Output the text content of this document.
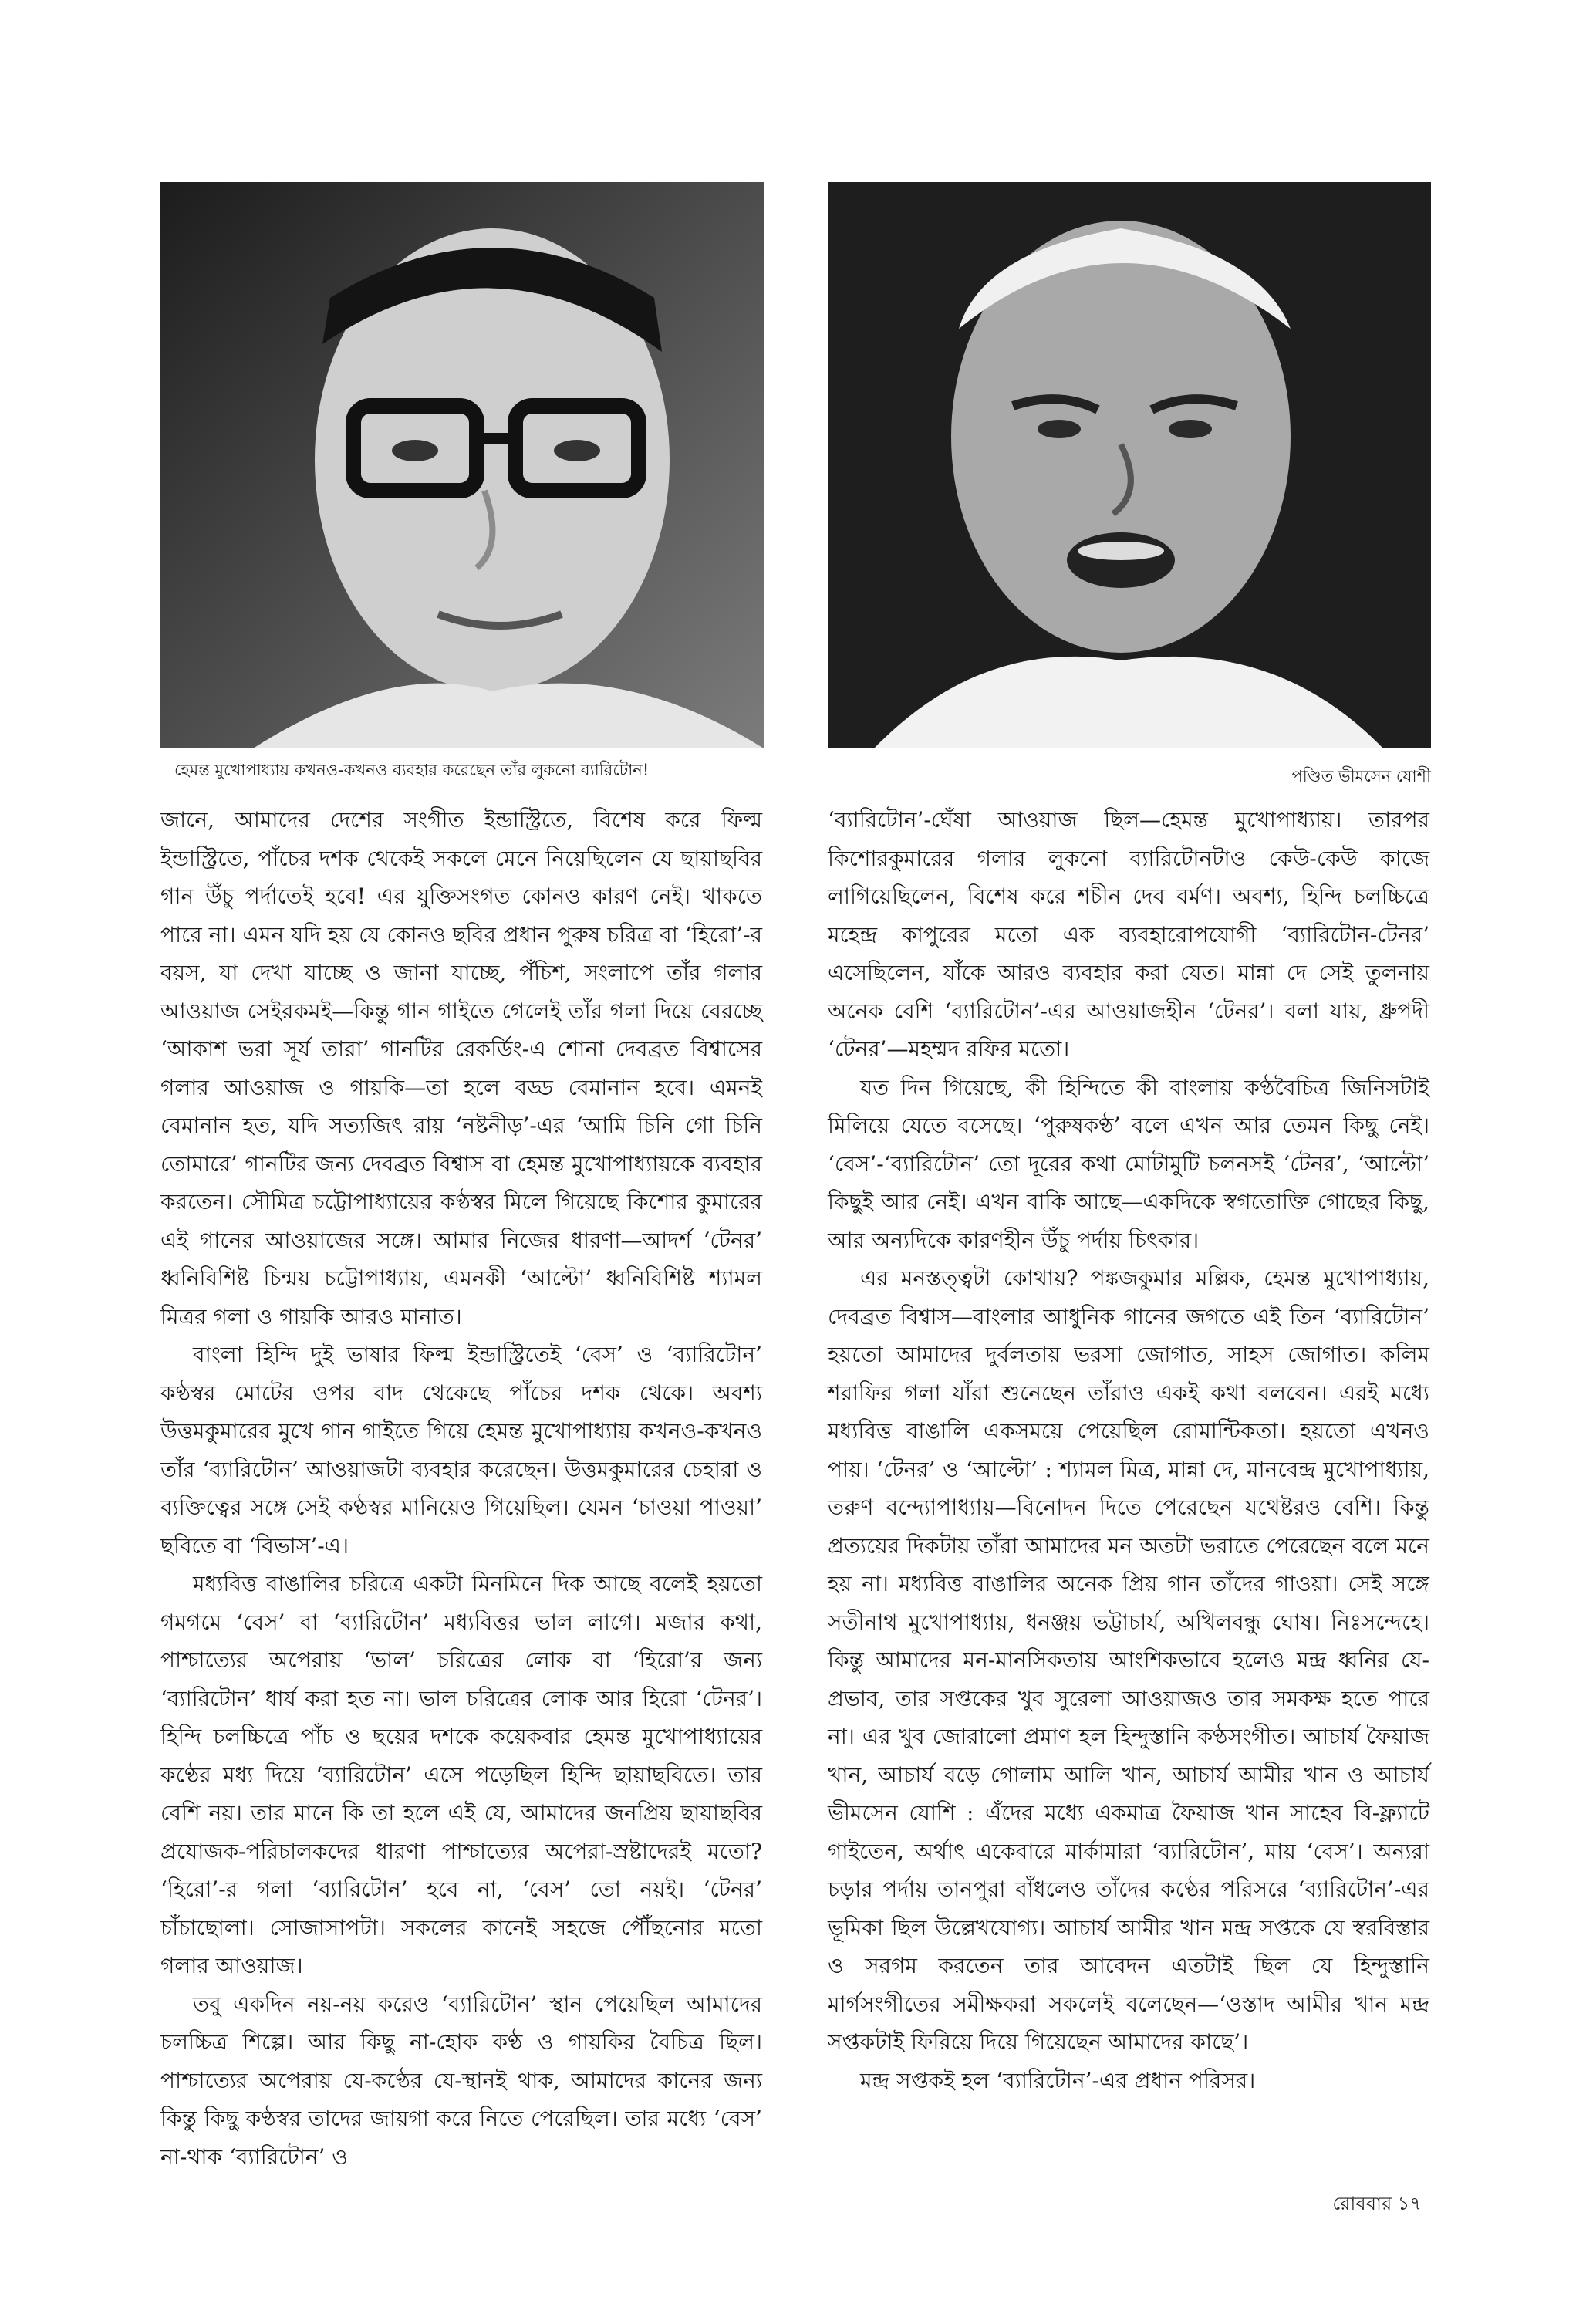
হেমন্ত মুখোপাধ্যায় কখনও-কখনও ব্যবহার করেছেন তাঁর লুকনো ব্যারিটোন!	পণ্ডিত ভীমসেন যোশী

জানে, আমাদের দেশের সংগীত ইন্ডাস্ট্রিতে, বিশেষ করে ফিল্ম ইন্ডাস্ট্রিতে, পাঁচের দশক থেকেই সকলে মেনে নিয়েছিলেন যে ছায়াছবির গান উঁচু পর্দাতেই হবে! এর যুক্তিসংগত কোনও কারণ নেই। থাকতে পারে না। এমন যদি হয় যে কোনও ছবির প্রধান পুরুষ চরিত্র বা ‘হিরো’-র বয়স, যা দেখা যাচ্ছে ও জানা যাচ্ছে, পঁচিশ, সংলাপে তাঁর গলার আওয়াজ সেইরকমই—কিন্তু গান গাইতে গেলেই তাঁর গলা দিয়ে বেরচ্ছে ‘আকাশ ভরা সূর্য তারা’ গানটির রেকর্ডিং-এ শোনা দেবব্রত বিশ্বাসের গলার আওয়াজ ও গায়কি—তা হলে বড্ড বেমানান হবে। এমনই বেমানান হত, যদি সত্যজিৎ রায় ‘নষ্টনীড়’-এর ‘আমি চিনি গো চিনি তোমারে’ গানটির জন্য দেবব্রত বিশ্বাস বা হেমন্ত মুখোপাধ্যায়কে ব্যবহার করতেন। সৌমিত্র চট্টোপাধ্যায়ের কণ্ঠস্বর মিলে গিয়েছে কিশোর কুমারের এই গানের আওয়াজের সঙ্গে। আমার নিজের ধারণা—আদর্শ ‘টেনর’ ধ্বনিবিশিষ্ট চিন্ময় চট্টোপাধ্যায়, এমনকী ‘আল্টো’ ধ্বনিবিশিষ্ট শ্যামল মিত্রর গলা ও গায়কি আরও মানাত।

বাংলা হিন্দি দুই ভাষার ফিল্ম ইন্ডাস্ট্রিতেই ‘বেস’ ও ‘ব্যারিটোন’ কণ্ঠস্বর মোটের ওপর বাদ থেকেছে পাঁচের দশক থেকে। অবশ্য উত্তমকুমারের মুখে গান গাইতে গিয়ে হেমন্ত মুখোপাধ্যায় কখনও-কখনও তাঁর ‘ব্যারিটোন’ আওয়াজটা ব্যবহার করেছেন। উত্তমকুমারের চেহারা ও ব্যক্তিত্বের সঙ্গে সেই কণ্ঠস্বর মানিয়েও গিয়েছিল। যেমন ‘চাওয়া পাওয়া’ ছবিতে বা ‘বিভাস’-এ।

মধ্যবিত্ত বাঙালির চরিত্রে একটা মিনমিনে দিক আছে বলেই হয়তো গমগমে ‘বেস’ বা ‘ব্যারিটোন’ মধ্যবিত্তর ভাল লাগে। মজার কথা, পাশ্চাত্যের অপেরায় ‘ভাল’ চরিত্রের লোক বা ‘হিরো’র জন্য ‘ব্যারিটোন’ ধার্য করা হত না। ভাল চরিত্রের লোক আর হিরো ‘টেনর’। হিন্দি চলচ্চিত্রে পাঁচ ও ছয়ের দশকে কয়েকবার হেমন্ত মুখোপাধ্যায়ের কণ্ঠের মধ্য দিয়ে ‘ব্যারিটোন’ এসে পড়েছিল হিন্দি ছায়াছবিতে। তার বেশি নয়। তার মানে কি তা হলে এই যে, আমাদের জনপ্রিয় ছায়াছবির প্রযোজক-পরিচালকদের ধারণা পাশ্চাত্যের অপেরা-স্রষ্টাদেরই মতো? ‘হিরো’-র গলা ‘ব্যারিটোন’ হবে না, ‘বেস’ তো নয়ই। ‘টেনর’ চাঁচাছোলা। সোজাসাপটা। সকলের কানেই সহজে পৌঁছনোর মতো গলার আওয়াজ।

তবু একদিন নয়-নয় করেও ‘ব্যারিটোন’ স্থান পেয়েছিল আমাদের চলচ্চিত্র শিল্পে। আর কিছু না-হোক কণ্ঠ ও গায়কির বৈচিত্র ছিল। পাশ্চাত্যের অপেরায় যে-কণ্ঠের যে-স্থানই থাক, আমাদের কানের জন্য কিন্তু কিছু কণ্ঠস্বর তাদের জায়গা করে নিতে পেরেছিল। তার মধ্যে ‘বেস’ না-থাক ‘ব্যারিটোন’ ও

‘ব্যারিটোন’-ঘেঁষা আওয়াজ ছিল—হেমন্ত মুখোপাধ্যায়। তারপর কিশোরকুমারের গলার লুকনো ব্যারিটোনটাও কেউ-কেউ কাজে লাগিয়েছিলেন, বিশেষ করে শচীন দেব বর্মণ। অবশ্য, হিন্দি চলচ্চিত্রে মহেন্দ্র কাপুরের মতো এক ব্যবহারোপযোগী ‘ব্যারিটোন-টেনর’ এসেছিলেন, যাঁকে আরও ব্যবহার করা যেত। মান্না দে সেই তুলনায় অনেক বেশি ‘ব্যারিটোন’-এর আওয়াজহীন ‘টেনর’। বলা যায়, ধ্রুপদী ‘টেনর’—মহম্মদ রফির মতো।

যত দিন গিয়েছে, কী হিন্দিতে কী বাংলায় কণ্ঠবৈচিত্র জিনিসটাই মিলিয়ে যেতে বসেছে। ‘পুরুষকণ্ঠ’ বলে এখন আর তেমন কিছু নেই। ‘বেস’-‘ব্যারিটোন’ তো দূরের কথা মোটামুটি চলনসই ‘টেনর’, ‘আল্টো’ কিছুই আর নেই। এখন বাকি আছে—একদিকে স্বগতোক্তি গোছের কিছু, আর অন্যদিকে কারণহীন উঁচু পর্দায় চিৎকার।

এর মনস্তত্ত্বটা কোথায়? পঙ্কজকুমার মল্লিক, হেমন্ত মুখোপাধ্যায়, দেবব্রত বিশ্বাস—বাংলার আধুনিক গানের জগতে এই তিন ‘ব্যারিটোন’ হয়তো আমাদের দুর্বলতায় ভরসা জোগাত, সাহস জোগাত। কলিম শরাফির গলা যাঁরা শুনেছেন তাঁরাও একই কথা বলবেন। এরই মধ্যে মধ্যবিত্ত বাঙালি একসময়ে পেয়েছিল রোমান্টিকতা। হয়তো এখনও পায়। ‘টেনর’ ও ‘আল্টো’ : শ্যামল মিত্র, মান্না দে, মানবেন্দ্র মুখোপাধ্যায়, তরুণ বন্দ্যোপাধ্যায়—বিনোদন দিতে পেরেছেন যথেষ্টরও বেশি। কিন্তু প্রত্যয়ের দিকটায় তাঁরা আমাদের মন অতটা ভরাতে পেরেছেন বলে মনে হয় না। মধ্যবিত্ত বাঙালির অনেক প্রিয় গান তাঁদের গাওয়া। সেই সঙ্গে সতীনাথ মুখোপাধ্যায়, ধনঞ্জয় ভট্টাচার্য, অখিলবন্ধু ঘোষ। নিঃসন্দেহে। কিন্তু আমাদের মন-মানসিকতায় আংশিকভাবে হলেও মন্দ্র ধ্বনির যে-প্রভাব, তার সপ্তকের খুব সুরেলা আওয়াজও তার সমকক্ষ হতে পারে না। এর খুব জোরালো প্রমাণ হল হিন্দুস্তানি কণ্ঠসংগীত। আচার্য ফৈয়াজ খান, আচার্য বড়ে গোলাম আলি খান, আচার্য আমীর খান ও আচার্য ভীমসেন যোশি : এঁদের মধ্যে একমাত্র ফৈয়াজ খান সাহেব বি-ফ্ল্যাটে গাইতেন, অর্থাৎ একেবারে মার্কামারা ‘ব্যারিটোন’, মায় ‘বেস’। অন্যরা চড়ার পর্দায় তানপুরা বাঁধলেও তাঁদের কণ্ঠের পরিসরে ‘ব্যারিটোন’-এর ভূমিকা ছিল উল্লেখযোগ্য। আচার্য আমীর খান মন্দ্র সপ্তকে যে স্বরবিস্তার ও সরগম করতেন তার আবেদন এতটাই ছিল যে হিন্দুস্তানি মার্গসংগীতের সমীক্ষকরা সকলেই বলেছেন—‘ওস্তাদ আমীর খান মন্দ্র সপ্তকটাই ফিরিয়ে দিয়ে গিয়েছেন আমাদের কাছে’।

মন্দ্র সপ্তকই হল ‘ব্যারিটোন’-এর প্রধান পরিসর।

রোববার ১৭
